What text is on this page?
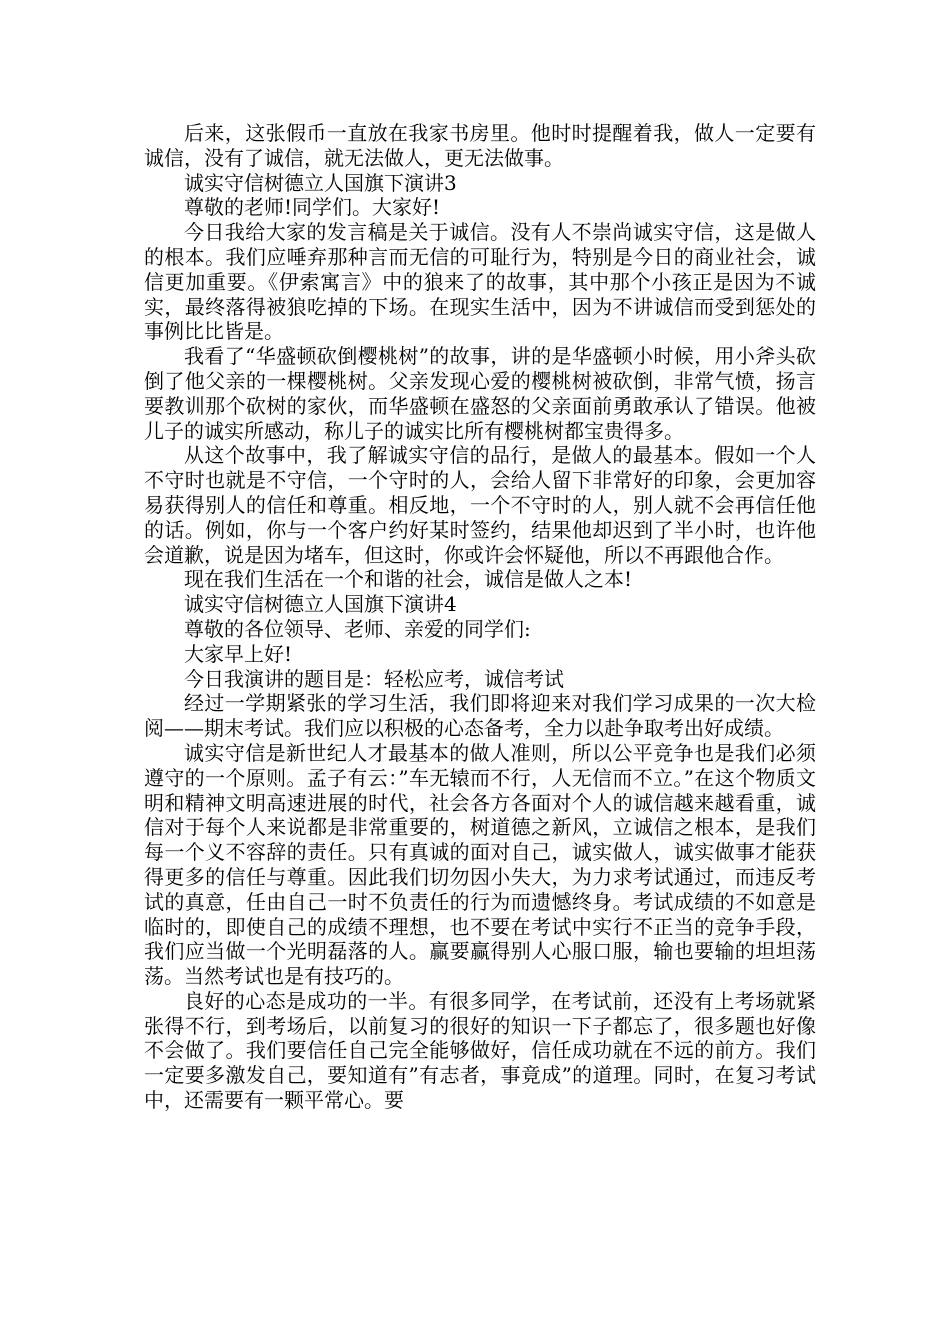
后来，这张假币一直放在我家书房里。他时时提醒着我，做人一定要有诚信，没有了诚信，就无法做人，更无法做事。

诚实守信树德立人国旗下演讲3

尊敬的老师!同学们。大家好!

今日我给大家的发言稿是关于诚信。没有人不崇尚诚实守信，这是做人的根本。我们应唾弃那种言而无信的可耻行为，特别是今日的商业社会，诚信更加重要。《伊索寓言》中的狼来了的故事，其中那个小孩正是因为不诚实，最终落得被狼吃掉的下场。在现实生活中，因为不讲诚信而受到惩处的事例比比皆是。

我看了“华盛顿砍倒樱桃树”的故事，讲的是华盛顿小时候，用小斧头砍倒了他父亲的一棵樱桃树。父亲发现心爱的樱桃树被砍倒，非常气愤，扬言要教训那个砍树的家伙，而华盛顿在盛怒的父亲面前勇敢承认了错误。他被儿子的诚实所感动，称儿子的诚实比所有樱桃树都宝贵得多。

从这个故事中，我了解诚实守信的品行，是做人的最基本。假如一个人不守时也就是不守信，一个守时的人，会给人留下非常好的印象，会更加容易获得别人的信任和尊重。相反地，一个不守时的人，别人就不会再信任他的话。例如，你与一个客户约好某时签约，结果他却迟到了半小时，也许他会道歉，说是因为堵车，但这时，你或许会怀疑他，所以不再跟他合作。

现在我们生活在一个和谐的社会，诚信是做人之本!

诚实守信树德立人国旗下演讲4

尊敬的各位领导、老师、亲爱的同学们:

大家早上好!

今日我演讲的题目是：轻松应考，诚信考试

经过一学期紧张的学习生活，我们即将迎来对我们学习成果的一次大检阅——期末考试。我们应以积极的心态备考，全力以赴争取考出好成绩。

诚实守信是新世纪人才最基本的做人准则，所以公平竞争也是我们必须遵守的一个原则。孟子有云：”车无辕而不行，人无信而不立。”在这个物质文明和精神文明高速进展的时代，社会各方各面对个人的诚信越来越看重，诚信对于每个人来说都是非常重要的，树道德之新风，立诚信之根本，是我们每一个义不容辞的责任。只有真诚的面对自己，诚实做人，诚实做事才能获得更多的信任与尊重。因此我们切勿因小失大，为力求考试通过，而违反考试的真意，任由自己一时不负责任的行为而遗憾终身。考试成绩的不如意是临时的，即使自己的成绩不理想，也不要在考试中实行不正当的竞争手段，我们应当做一个光明磊落的人。赢要赢得别人心服口服，输也要输的坦坦荡荡。当然考试也是有技巧的。

良好的心态是成功的一半。有很多同学，在考试前，还没有上考场就紧张得不行，到考场后，以前复习的很好的知识一下子都忘了，很多题也好像不会做了。我们要信任自己完全能够做好，信任成功就在不远的前方。我们一定要多激发自己，要知道有”有志者，事竟成”的道理。同时，在复习考试中，还需要有一颗平常心。要
